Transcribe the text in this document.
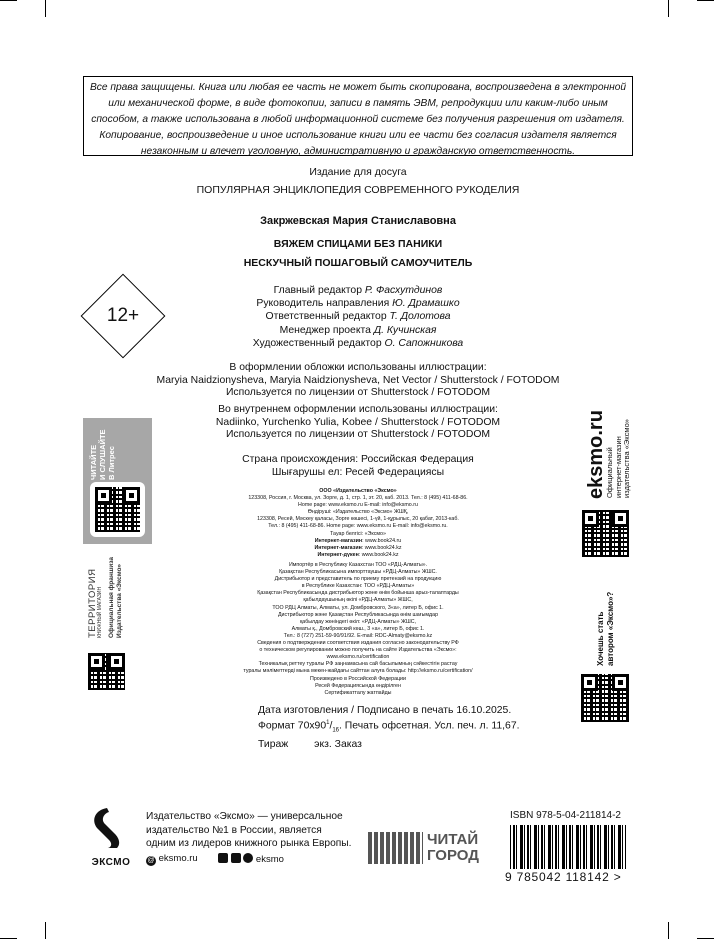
Все права защищены. Книга или любая ее часть не может быть скопирована, воспроизведена в электронной
или механической форме, в виде фотокопии, записи в память ЭВМ, репродукции или каким-либо иным
способом, а также использована в любой информационной системе без получения разрешения от издателя.
Копирование, воспроизведение и иное использование книги или ее части без согласия издателя является
незаконным и влечет уголовную, административную и гражданскую ответственность.
Издание для досуга
ПОПУЛЯРНАЯ ЭНЦИКЛОПЕДИЯ СОВРЕМЕННОГО РУКОДЕЛИЯ
Закржевская Мария Станиславовна
ВЯЖЕМ СПИЦАМИ БЕЗ ПАНИКИ
НЕСКУЧНЫЙ ПОШАГОВЫЙ САМОУЧИТЕЛЬ
12+
Главный редактор Р. Фасхутдинов
Руководитель направления Ю. Драмашко
Ответственный редактор Т. Долотова
Менеджер проекта Д. Кучинская
Художественный редактор О. Сапожникова
В оформлении обложки использованы иллюстрации:
Maryia Naidzionysheva, Maryia Naidzionysheva, Net Vector / Shutterstock / FOTODOM
Используется по лицензии от Shutterstock / FOTODOM
Во внутреннем оформлении использованы иллюстрации:
Nadiinko, Yurchenko Yulia, Kobee / Shutterstock / FOTODOM
Используется по лицензии от Shutterstock / FOTODOM
Страна происхождения: Российская Федерация
Шығарушы ел: Ресей Федерациясы
ООО «Издательство «Эксмо»
123308, Россия, г. Москва, ул. Зорге, д. 1, стр. 1, эт. 20, каб. 2013. Тел.: 8 (495) 411-68-86.
Home page: www.eksmo.ru E-mail: info@eksmo.ru
Өндіруші: «Издательство «Эксмо» ЖШҚ,
123308, Ресей, Мәскеу қаласы, Зорге көшесі, 1-үй, 1-құрылыс, 20 қабат, 2013-каб.
Тел.: 8 (495) 411-68-86. Home page: www.eksmo.ru E-mail: info@eksmo.ru.
Тауар белгісі: «Эксмо»
Интернет-магазин: www.book24.ru
Интернет-магазин: www.book24.kz
Интернет-дүкен: www.book24.kz
Импортёр в Республику Казахстан ТОО «РДЦ-Алматы».
Қазақстан Республикасына импорттаушы «РДЦ-Алматы» ЖШС.
Дистрибьютор и представитель по приему претензий на продукцию
в Республике Казахстан: ТОО «РДЦ-Алматы»
Қазақстан Республикасында дистрибьютор және өнім бойынша арыз-талаптарды
қабылдаушының өкілі «РДЦ-Алматы» ЖШС,
ТОО РДЦ Алматы, Алматы, ул. Домбровского, 3«а», литер Б, офис 1.
Дистрибьютор және Қазақстан Республикасында өнім шағымдар
қабылдау жөніндегі өкіл: «РДЦ-Алматы» ЖШС,
Алматы қ., Домбровский көш., 3 «а», литер Б, офис 1.
Тел.: 8 (727) 251-59-90/91/92. E-mail: RDC-Almaty@eksmo.kz
Сведения о подтверждении соответствия издания согласно законодательству РФ
о техническом регулировании можно получить на сайте Издательства «Эксмо»:
www.eksmo.ru/certification
Техникалық реттеу туралы РФ заңнамасына сай басылымның сәйкестігін растау
туралы мәліметтерді мына мекен-жайдағы сайттан алуға болады: http://eksmo.ru/certification/
Произведено в Российской Федерации
Ресей Федерациясында өндірілген
Сертификатталу жатпайды
Дата изготовления / Подписано в печать 16.10.2025.
Формат $70x90^1/_{16}$. Печать офсетная. Усл. печ. л. 11,67.
Тираж         экз. Заказ
ЧИТАЙТЕ И СЛУШАЙТЕ В Литрес
ТЕРРИТОРИЯ КНИЖНЫЙ МАГАЗИН Официальная франшиза Издательства «Эксмо»
eksmo.ru
Официальный интернет-магазин издательства «Эксмо»
Хочешь стать автором «Эксмо»?
ЭКСМО
Издательство «Эксмо» — универсальное
издательство №1 в России, является
одним из лидеров книжного рынка Европы.
@ eksmo.ru	eksmo
ЧИТАЙ
ГОРОД
ISBN 978-5-04-211814-2
9 785042 118142 >
